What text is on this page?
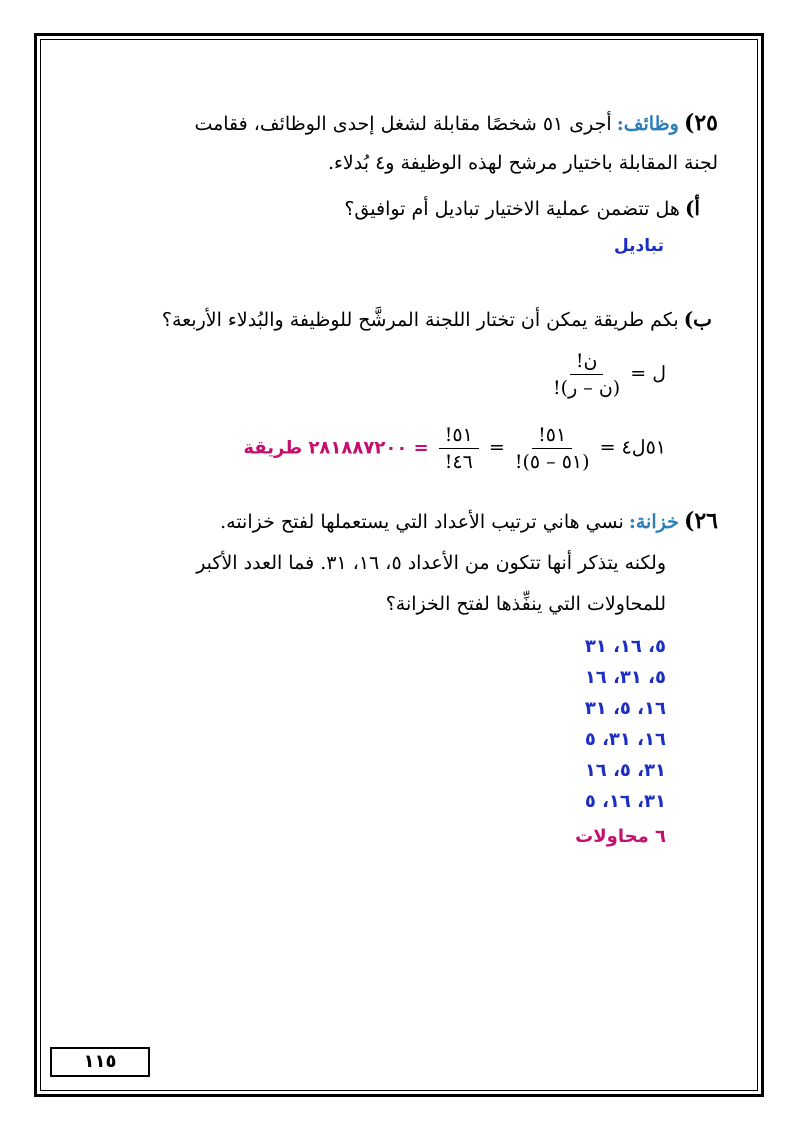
٢٥) وظائف: أجرى ٥١ شخصًا مقابلة لشغل إحدى الوظائف، فقامت
لجنة المقابلة باختيار مرشح لهذه الوظيفة و٤ بُدلاء.
أ) هل تتضمن عملية الاختيار تباديل أم توافيق؟
تباديل
ب) بكم طريقة يمكن أن تختار اللجنة المرشَّح للوظيفة والبُدلاء الأربعة؟
ل =
$\frac{\text{ن!}}{\text{(ن – ر)!}}$
٥١ل٤ =
$\frac{٥١!}{(٥١ - ٥)!}$
=
$\frac{٥١!}{٤٦!}$
= ٢٨١٨٨٧٢٠٠ طريقة
٢٦) خزانة: نسي هاني ترتيب الأعداد التي يستعملها لفتح خزانته.
ولكنه يتذكر أنها تتكون من الأعداد ٥، ١٦، ٣١. فما العدد الأكبر
للمحاولات التي ينفِّذها لفتح الخزانة؟
٥، ١٦، ٣١
٥، ٣١، ١٦
١٦، ٥، ٣١
١٦، ٣١، ٥
٣١، ٥، ١٦
٣١، ١٦، ٥
٦ محاولات
١١٥
